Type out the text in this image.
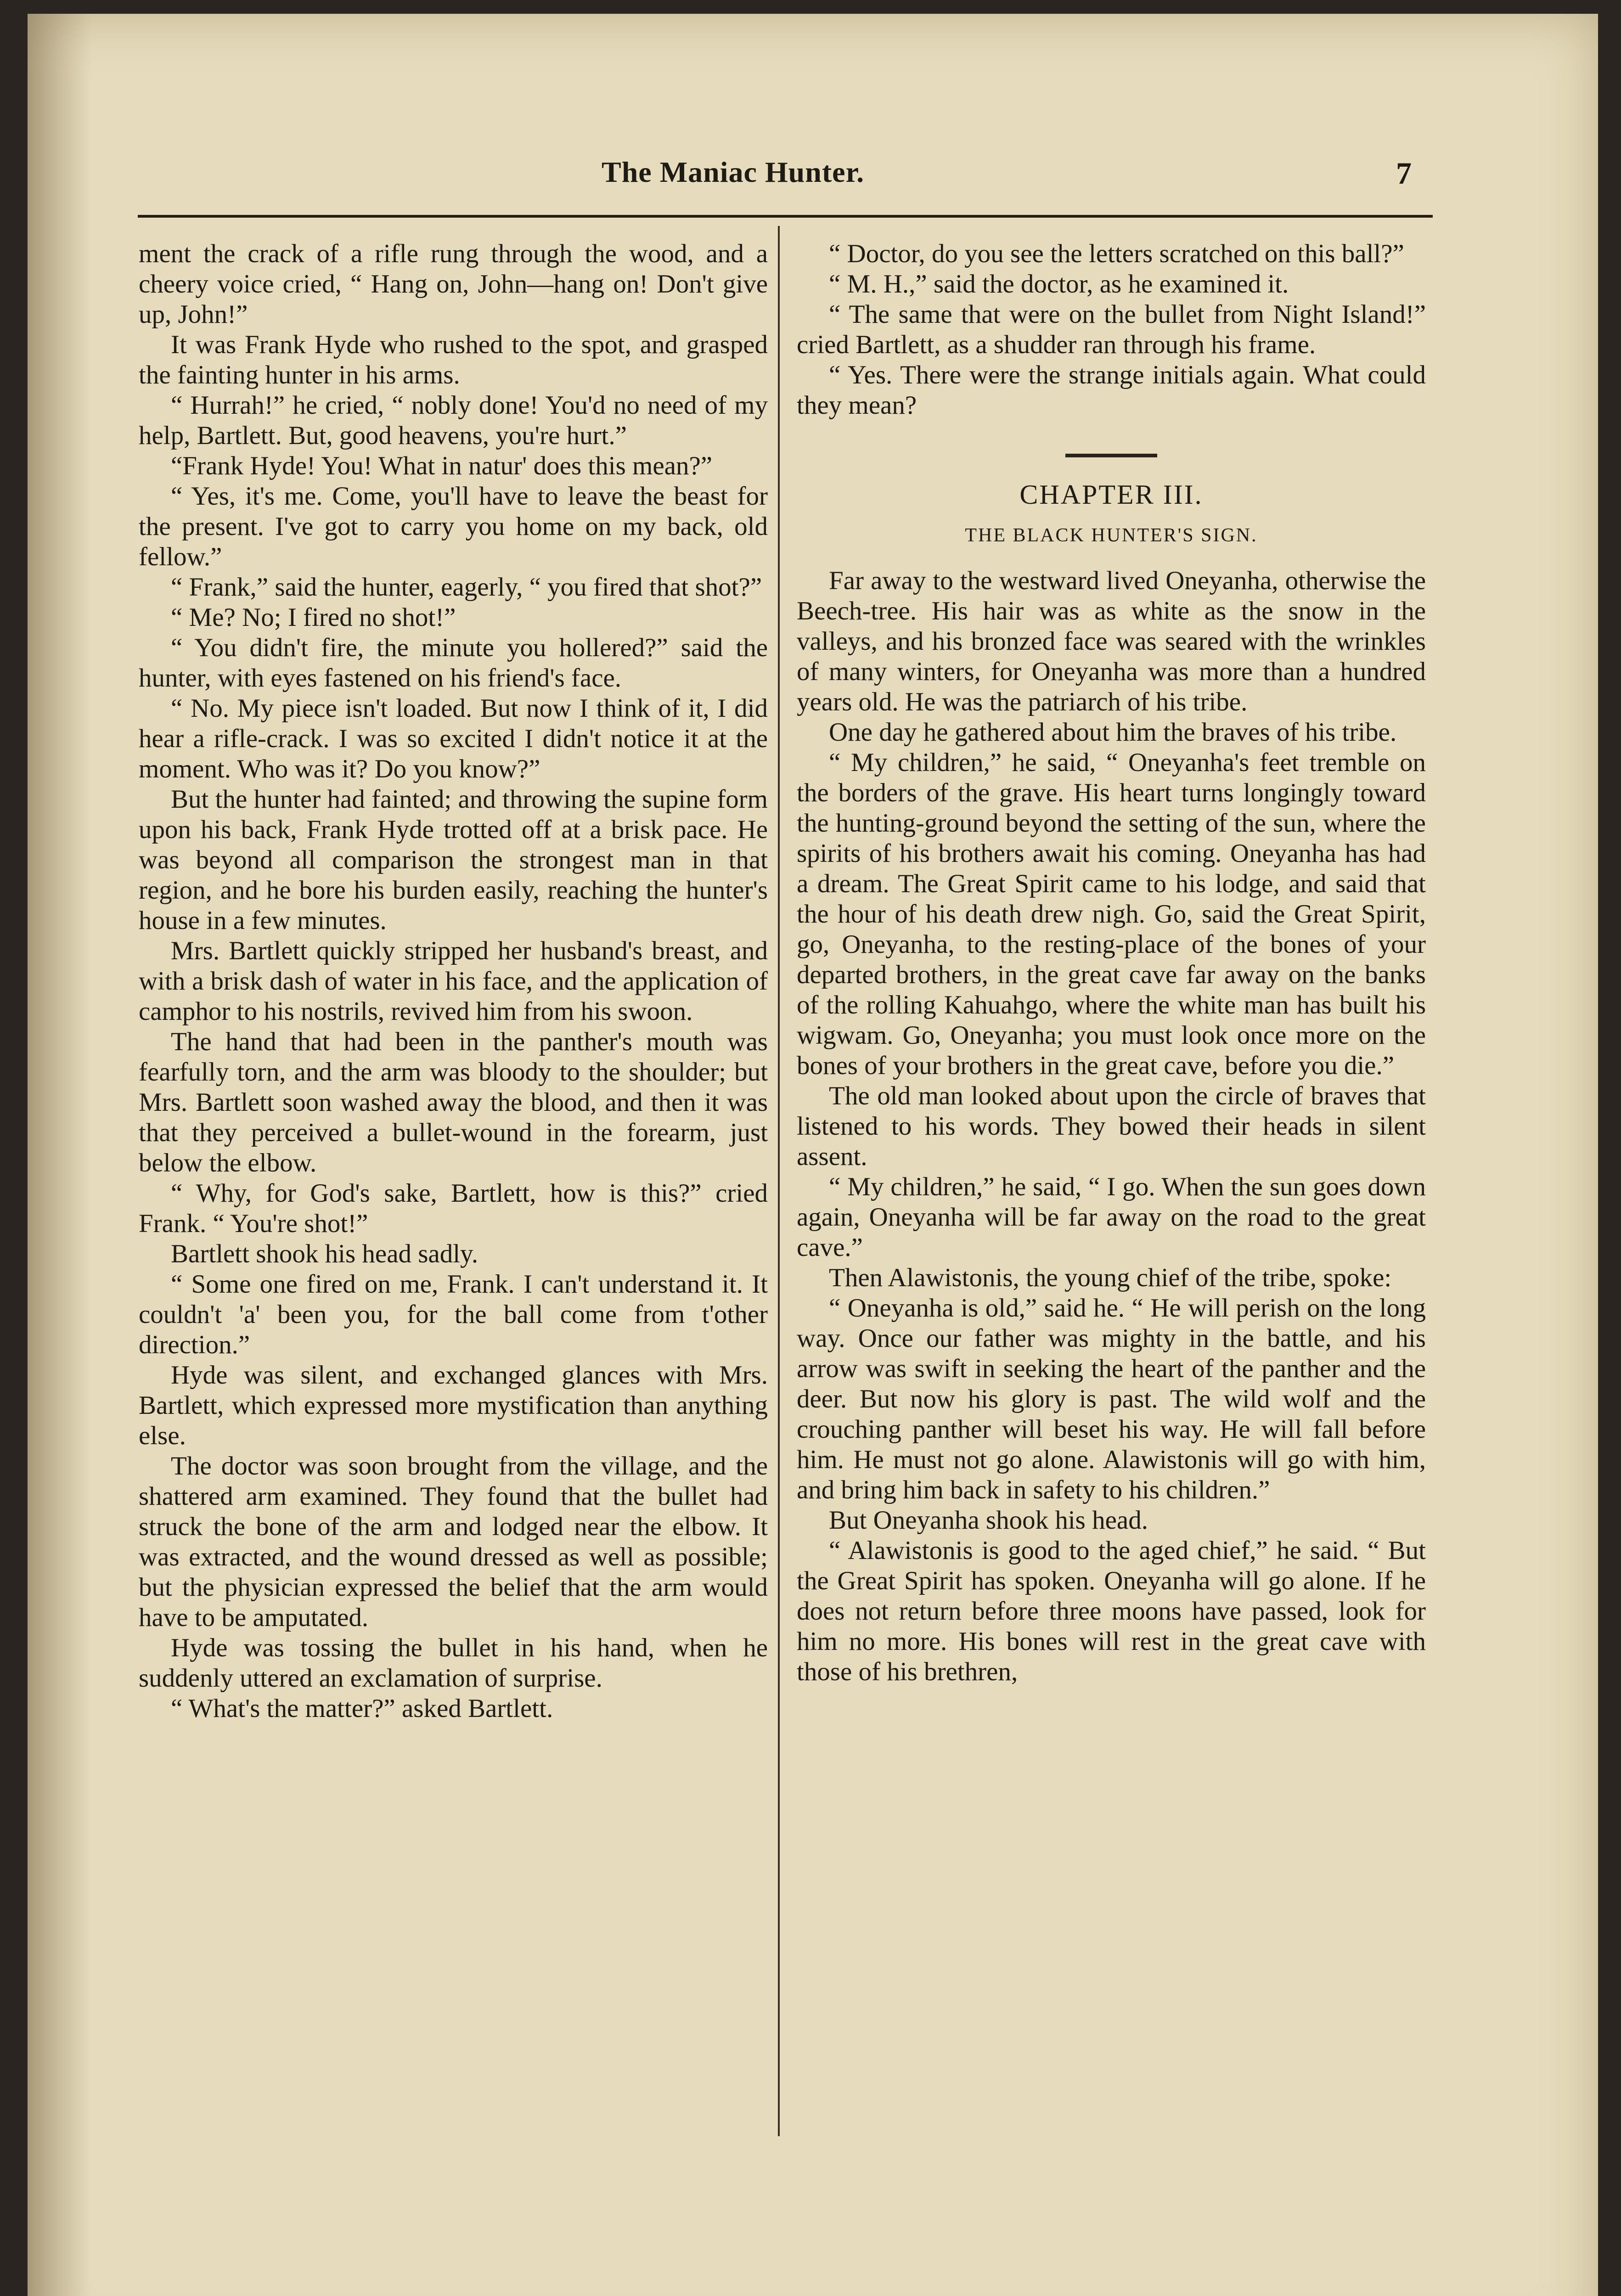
The Maniac Hunter.	7

ment the crack of a rifle rung through the wood, and a cheery voice cried, “ Hang on, John—hang on! Don't give up, John!”

It was Frank Hyde who rushed to the spot, and grasped the fainting hunter in his arms.

“ Hurrah!” he cried, “ nobly done! You'd no need of my help, Bartlett. But, good heavens, you're hurt.”

“Frank Hyde! You! What in natur' does this mean?”

“ Yes, it's me. Come, you'll have to leave the beast for the present. I've got to carry you home on my back, old fellow.”

“ Frank,” said the hunter, eagerly, “ you fired that shot?”

“ Me? No; I fired no shot!”

“ You didn't fire, the minute you hollered?” said the hunter, with eyes fastened on his friend's face.

“ No. My piece isn't loaded. But now I think of it, I did hear a rifle-crack. I was so excited I didn't notice it at the moment. Who was it? Do you know?”

But the hunter had fainted; and throwing the supine form upon his back, Frank Hyde trotted off at a brisk pace. He was beyond all comparison the strongest man in that region, and he bore his burden easily, reaching the hunter's house in a few minutes.

Mrs. Bartlett quickly stripped her husband's breast, and with a brisk dash of water in his face, and the application of camphor to his nostrils, revived him from his swoon.

The hand that had been in the panther's mouth was fearfully torn, and the arm was bloody to the shoulder; but Mrs. Bartlett soon washed away the blood, and then it was that they perceived a bullet-wound in the forearm, just below the elbow.

“ Why, for God's sake, Bartlett, how is this?” cried Frank. “ You're shot!”

Bartlett shook his head sadly.

“ Some one fired on me, Frank. I can't understand it. It couldn't 'a' been you, for the ball come from t'other direction.”

Hyde was silent, and exchanged glances with Mrs. Bartlett, which expressed more mystification than anything else.

The doctor was soon brought from the village, and the shattered arm examined. They found that the bullet had struck the bone of the arm and lodged near the elbow. It was extracted, and the wound dressed as well as possible; but the physician expressed the belief that the arm would have to be amputated.

Hyde was tossing the bullet in his hand, when he suddenly uttered an exclamation of surprise.

“ What's the matter?” asked Bartlett.

“ Doctor, do you see the letters scratched on this ball?”

“ M. H.,” said the doctor, as he examined it.

“ The same that were on the bullet from Night Island!” cried Bartlett, as a shudder ran through his frame.

“ Yes. There were the strange initials again. What could they mean?

CHAPTER III.
THE BLACK HUNTER'S SIGN.

Far away to the westward lived Oneyanha, otherwise the Beech-tree. His hair was as white as the snow in the valleys, and his bronzed face was seared with the wrinkles of many winters, for Oneyanha was more than a hundred years old. He was the patriarch of his tribe.

One day he gathered about him the braves of his tribe.

“ My children,” he said, “ Oneyanha's feet tremble on the borders of the grave. His heart turns longingly toward the hunting-ground beyond the setting of the sun, where the spirits of his brothers await his coming. Oneyanha has had a dream. The Great Spirit came to his lodge, and said that the hour of his death drew nigh. Go, said the Great Spirit, go, Oneyanha, to the resting-place of the bones of your departed brothers, in the great cave far away on the banks of the rolling Kahuahgo, where the white man has built his wigwam. Go, Oneyanha; you must look once more on the bones of your brothers in the great cave, before you die.”

The old man looked about upon the circle of braves that listened to his words. They bowed their heads in silent assent.

“ My children,” he said, “ I go. When the sun goes down again, Oneyanha will be far away on the road to the great cave.”

Then Alawistonis, the young chief of the tribe, spoke:

“ Oneyanha is old,” said he. “ He will perish on the long way. Once our father was mighty in the battle, and his arrow was swift in seeking the heart of the panther and the deer. But now his glory is past. The wild wolf and the crouching panther will beset his way. He will fall before him. He must not go alone. Alawistonis will go with him, and bring him back in safety to his children.”

But Oneyanha shook his head.

“ Alawistonis is good to the aged chief,” he said. “ But the Great Spirit has spoken. Oneyanha will go alone. If he does not return before three moons have passed, look for him no more. His bones will rest in the great cave with those of his brethren,
